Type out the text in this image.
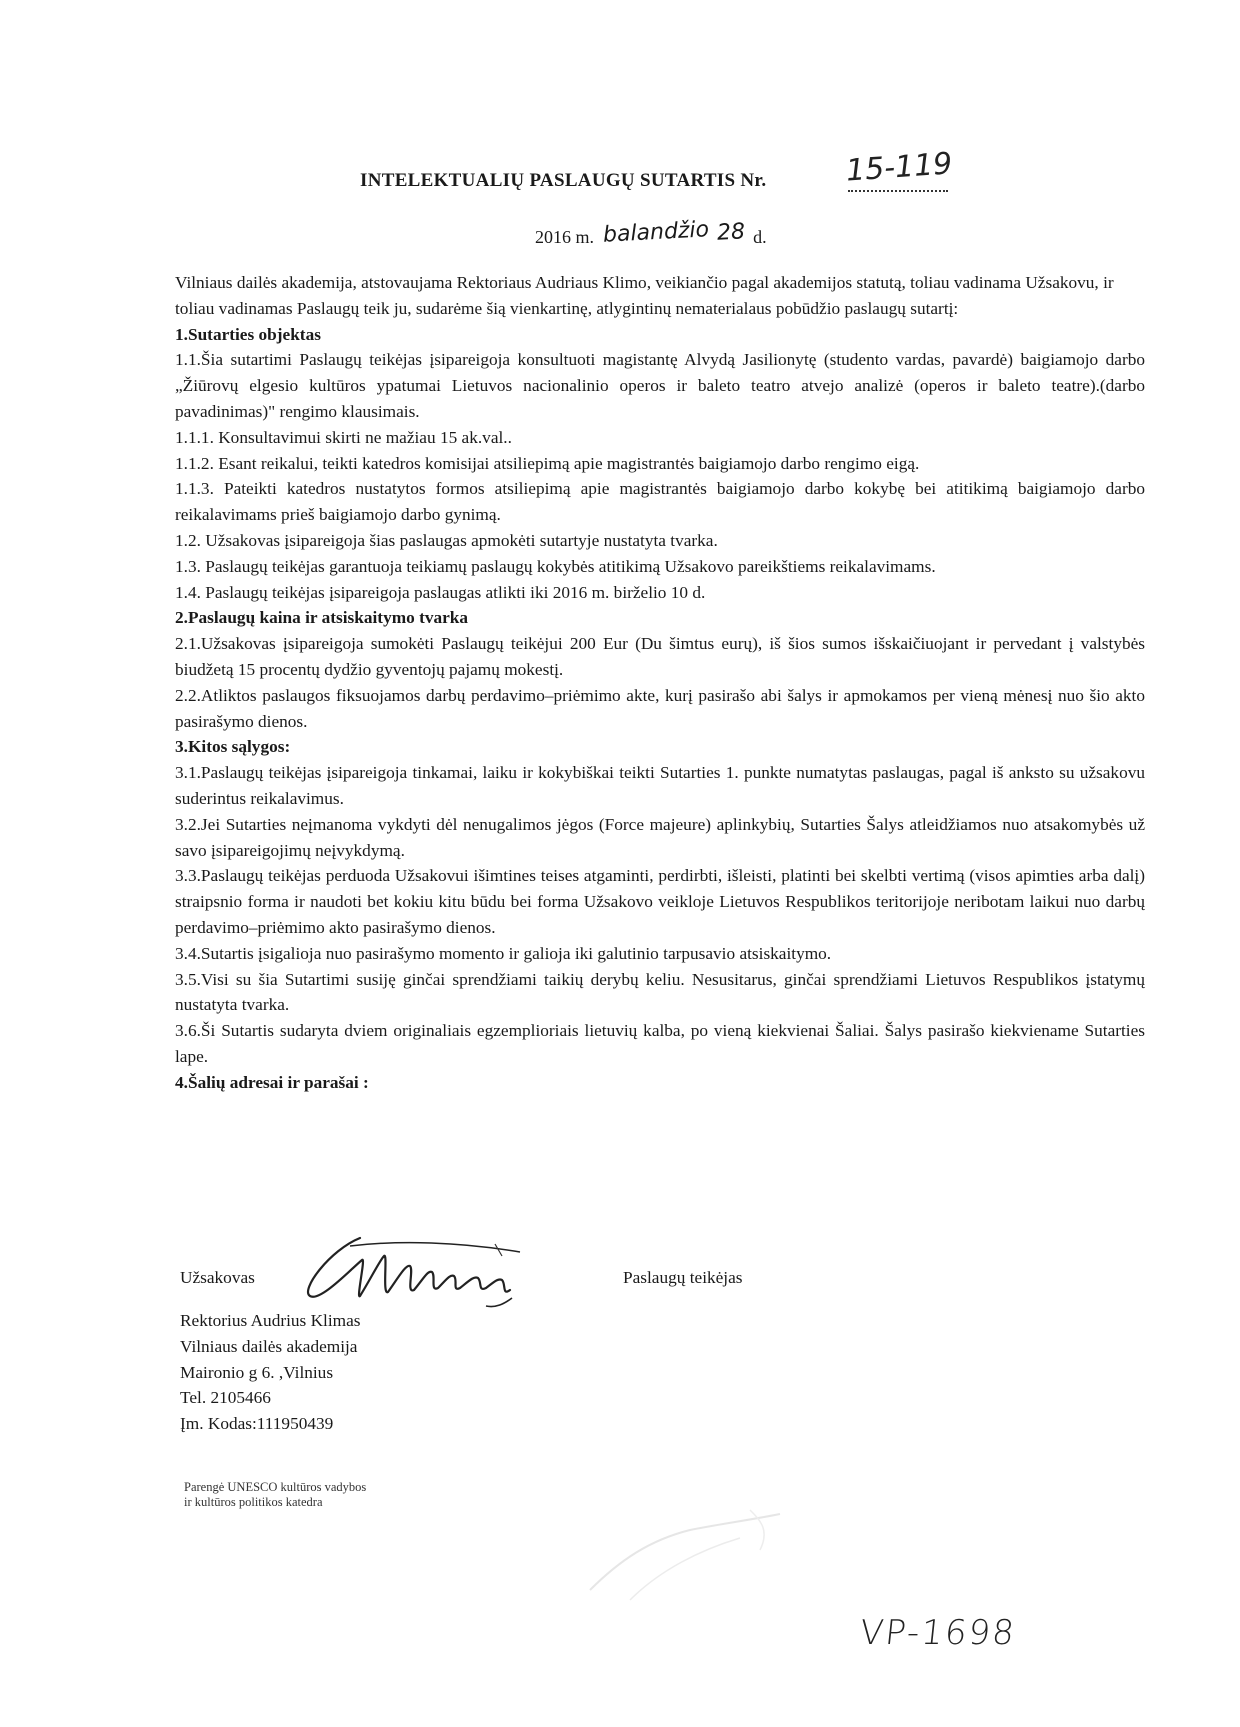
INTELEKTUALIŲ PASLAUGŲ SUTARTIS Nr.	15-119
2016 m. balandžio 28 d.

Vilniaus dailės akademija, atstovaujama Rektoriaus Audriaus Klimo, veikiančio pagal akademijos statutą, toliau vadinama Užsakovu, ir

toliau vadinamas Paslaugų teik ju, sudarėme šią vienkartinę, atlygintinų nematerialaus pobūdžio paslaugų sutartį:

1.Sutarties objektas

1.1.Šia sutartimi Paslaugų teikėjas įsipareigoja konsultuoti magistantę Alvydą Jasilionytę (studento vardas, pavardė) baigiamojo darbo „Žiūrovų elgesio kultūros ypatumai Lietuvos nacionalinio operos ir baleto teatro atvejo analizė (operos ir baleto teatre).(darbo pavadinimas)" rengimo klausimais.

1.1.1. Konsultavimui skirti ne mažiau 15 ak.val..

1.1.2. Esant reikalui, teikti katedros komisijai atsiliepimą apie magistrantės baigiamojo darbo rengimo eigą.

1.1.3. Pateikti katedros nustatytos formos atsiliepimą apie magistrantės baigiamojo darbo kokybę bei atitikimą baigiamojo darbo reikalavimams prieš baigiamojo darbo gynimą.

1.2. Užsakovas įsipareigoja šias paslaugas apmokėti sutartyje nustatyta tvarka.

1.3. Paslaugų teikėjas garantuoja teikiamų paslaugų kokybės atitikimą Užsakovo pareikštiems reikalavimams.

1.4. Paslaugų teikėjas įsipareigoja paslaugas atlikti iki 2016 m. birželio 10 d.

2.Paslaugų kaina ir atsiskaitymo tvarka

2.1.Užsakovas įsipareigoja sumokėti Paslaugų teikėjui 200 Eur (Du šimtus eurų), iš šios sumos išskaičiuojant ir pervedant į valstybės biudžetą 15 procentų dydžio gyventojų pajamų mokestį.

2.2.Atliktos paslaugos fiksuojamos darbų perdavimo–priėmimo akte, kurį pasirašo abi šalys ir apmokamos per vieną mėnesį nuo šio akto pasirašymo dienos.

3.Kitos sąlygos:

3.1.Paslaugų teikėjas įsipareigoja tinkamai, laiku ir kokybiškai teikti Sutarties 1. punkte numatytas paslaugas, pagal iš anksto su užsakovu suderintus reikalavimus.

3.2.Jei Sutarties neįmanoma vykdyti dėl nenugalimos jėgos (Force majeure) aplinkybių, Sutarties Šalys atleidžiamos nuo atsakomybės už savo įsipareigojimų neįvykdymą.

3.3.Paslaugų teikėjas perduoda Užsakovui išimtines teises atgaminti, perdirbti, išleisti, platinti bei skelbti vertimą (visos apimties arba dalį) straipsnio forma ir naudoti bet kokiu kitu būdu bei forma Užsakovo veikloje Lietuvos Respublikos teritorijoje neribotam laikui nuo darbų perdavimo–priėmimo akto pasirašymo dienos.

3.4.Sutartis įsigalioja nuo pasirašymo momento ir galioja iki galutinio tarpusavio atsiskaitymo.

3.5.Visi su šia Sutartimi susiję ginčai sprendžiami taikių derybų keliu. Nesusitarus, ginčai sprendžiami Lietuvos Respublikos įstatymų nustatyta tvarka.

3.6.Ši Sutartis sudaryta dviem originaliais egzemplioriais lietuvių kalba, po vieną kiekvienai Šaliai. Šalys pasirašo kiekviename Sutarties lape.

4.Šalių adresai ir parašai :

Užsakovas	Paslaugų teikėjas
Rektorius Audrius Klimas
Vilniaus dailės akademija
Maironio g 6. ,Vilnius
Tel. 2105466
Įm. Kodas:111950439
Parengė UNESCO kultūros vadybos
ir kultūros politikos katedra
VP-1698
